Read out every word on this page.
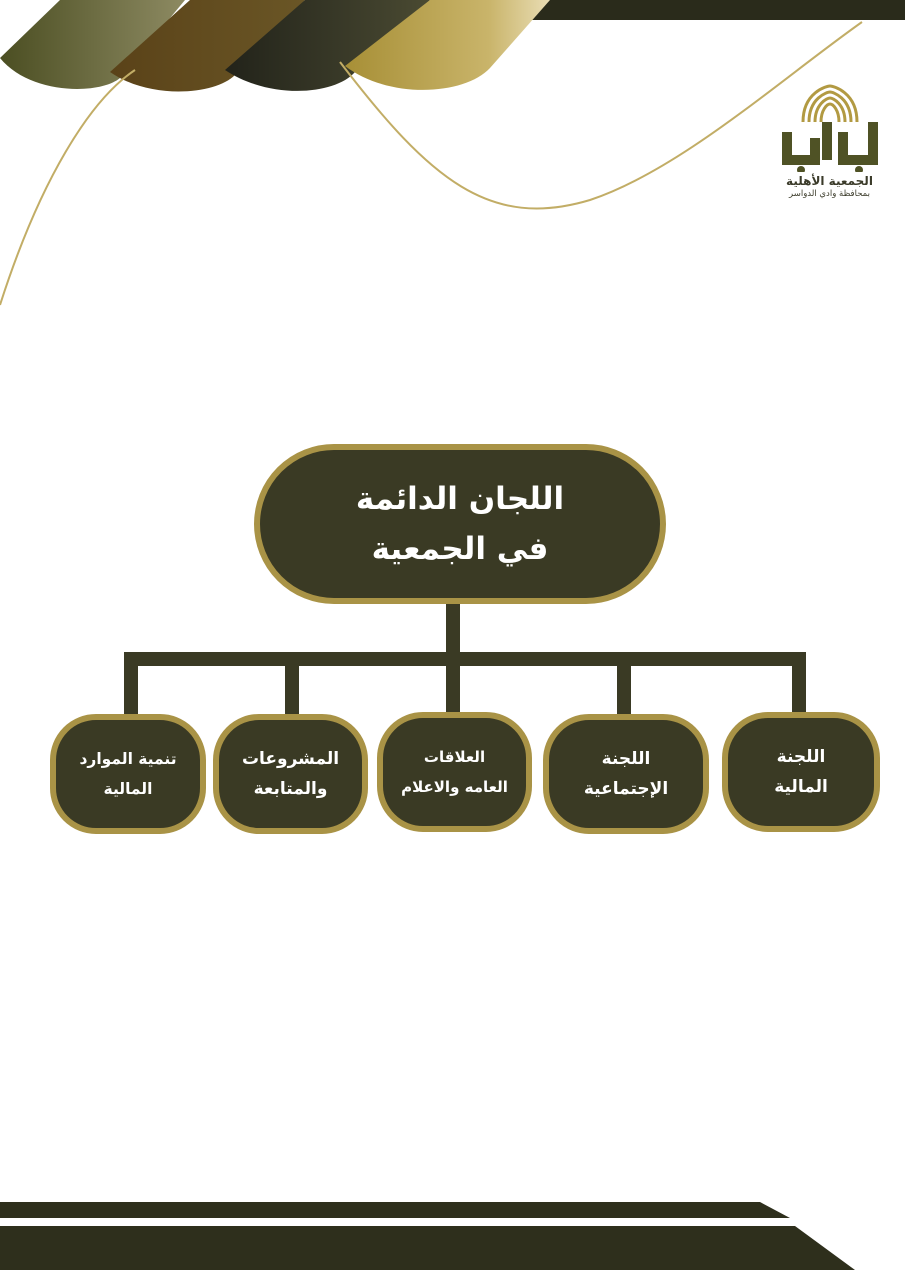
الجمعية الأهلية
بمحافظة وادي الدواسر
اللجان الدائمة
في الجمعية
اللجنة
المالية
اللجنة
الإجتماعية
العلاقات
العامه والاعلام
المشروعات
والمتابعة
تنمية الموارد
المالية
